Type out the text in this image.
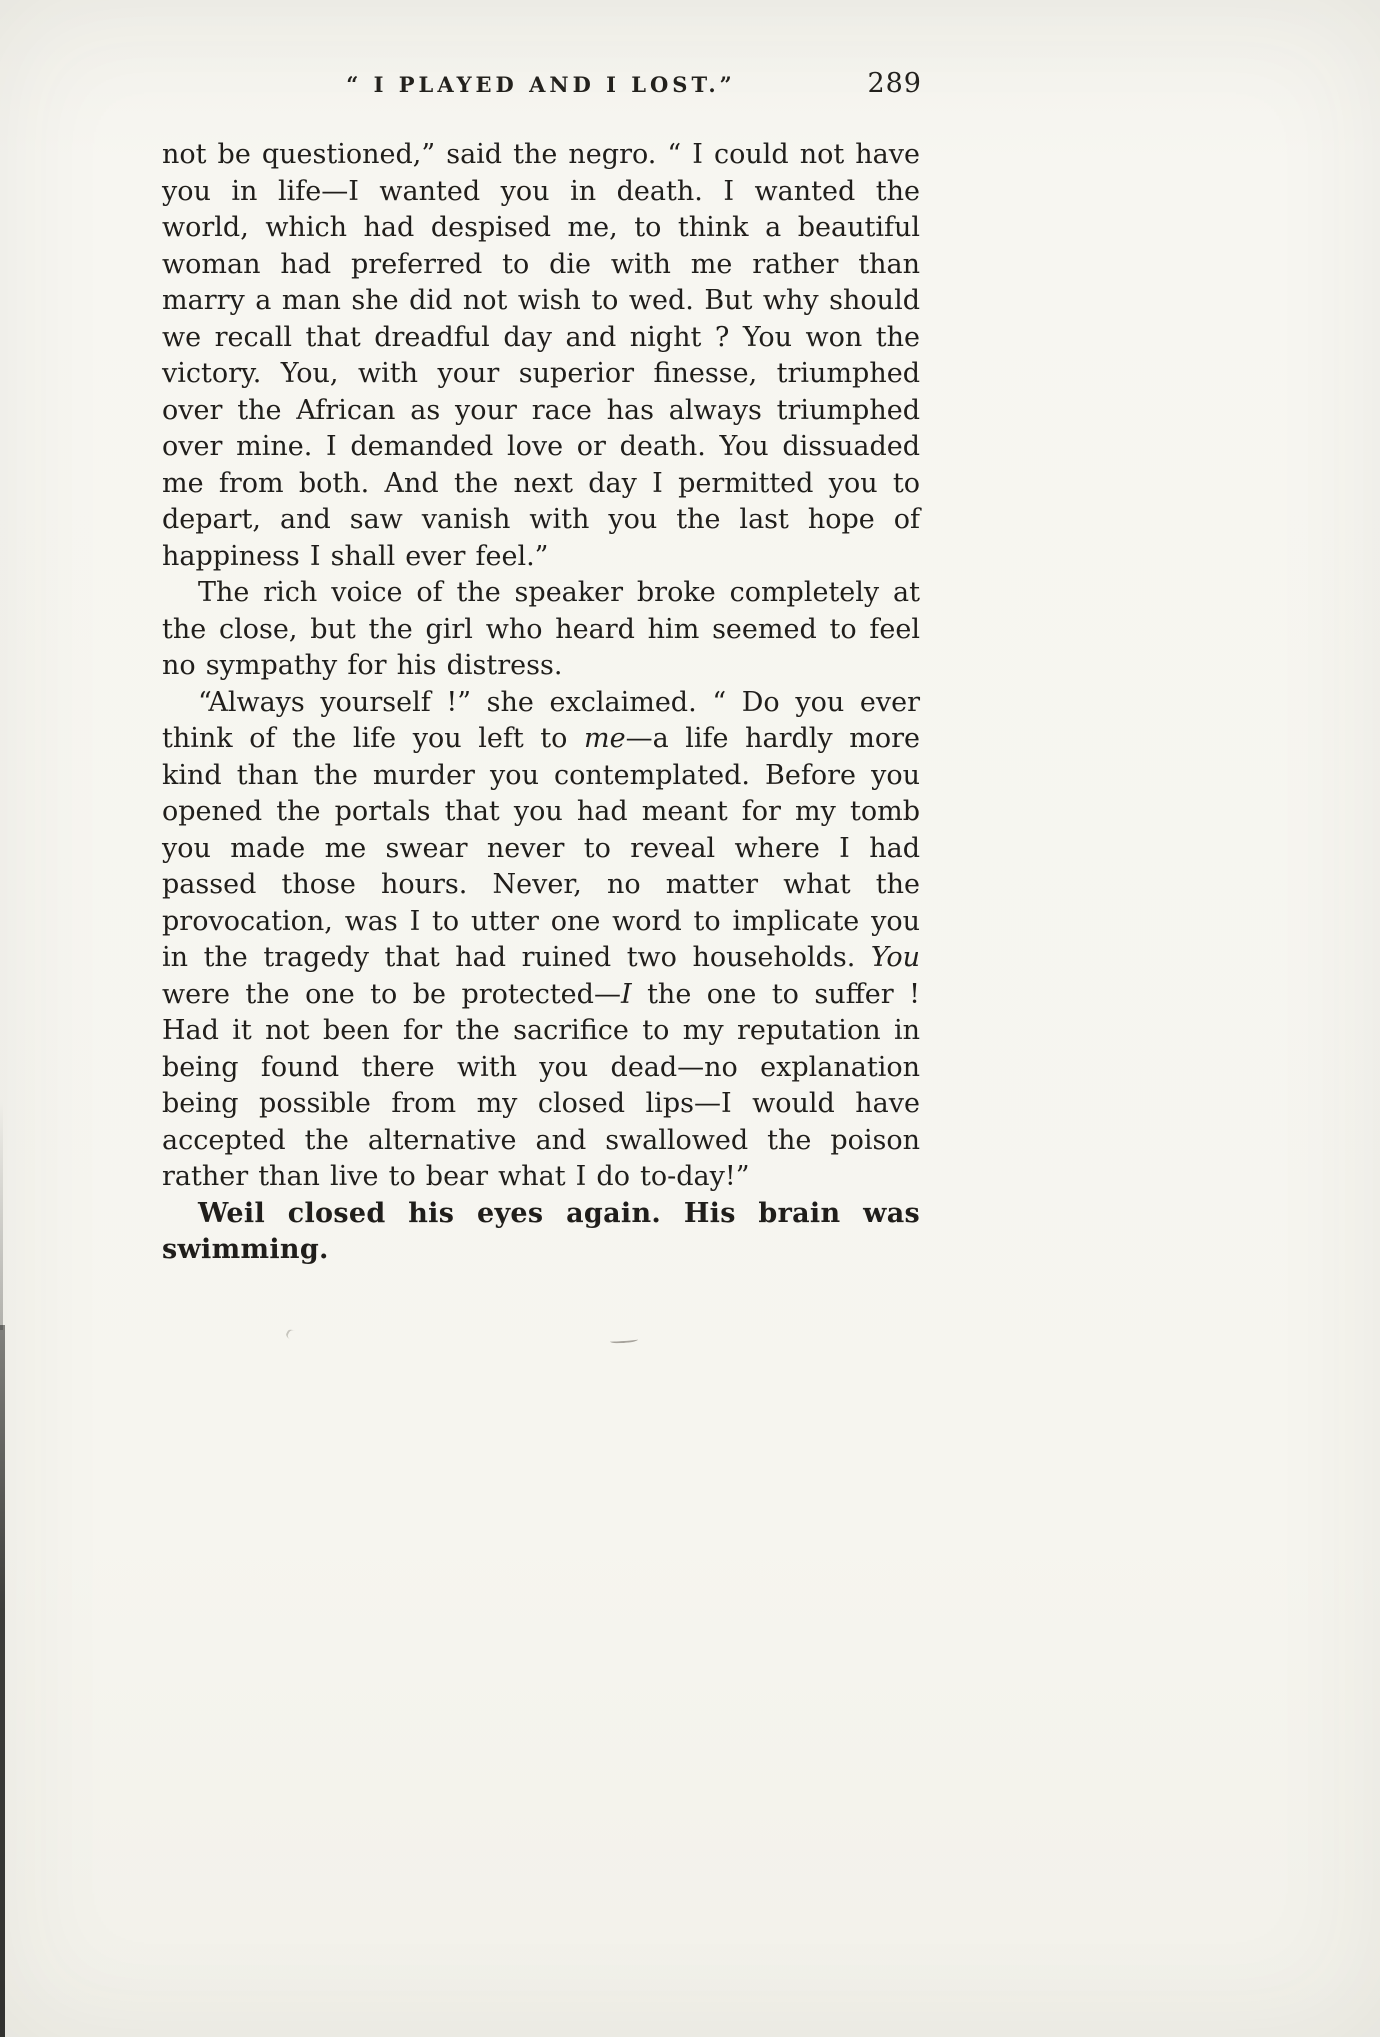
“ I PLAYED AND I LOST.”	289

not be questioned,” said the negro. “ I could not have you in life—I wanted you in death. I wanted the world, which had despised me, to think a beautiful woman had preferred to die with me rather than marry a man she did not wish to wed. But why should we recall that dreadful day and night ? You won the victory. You, with your superior finesse, triumphed over the African as your race has always triumphed over mine. I demanded love or death. You dissuaded me from both. And the next day I permitted you to depart, and saw vanish with you the last hope of happiness I shall ever feel.”

The rich voice of the speaker broke completely at the close, but the girl who heard him seemed to feel no sympathy for his distress.

“Always yourself !” she exclaimed. “ Do you ever think of the life you left to me—a life hardly more kind than the murder you contemplated. Before you opened the portals that you had meant for my tomb you made me swear never to reveal where I had passed those hours. Never, no matter what the provocation, was I to utter one word to implicate you in the tragedy that had ruined two households. You were the one to be protected—I the one to suffer ! Had it not been for the sacrifice to my reputation in being found there with you dead—no explanation being possible from my closed lips—I would have accepted the alternative and swallowed the poison rather than live to bear what I do to-day!”

Weil closed his eyes again. His brain was swimming.
